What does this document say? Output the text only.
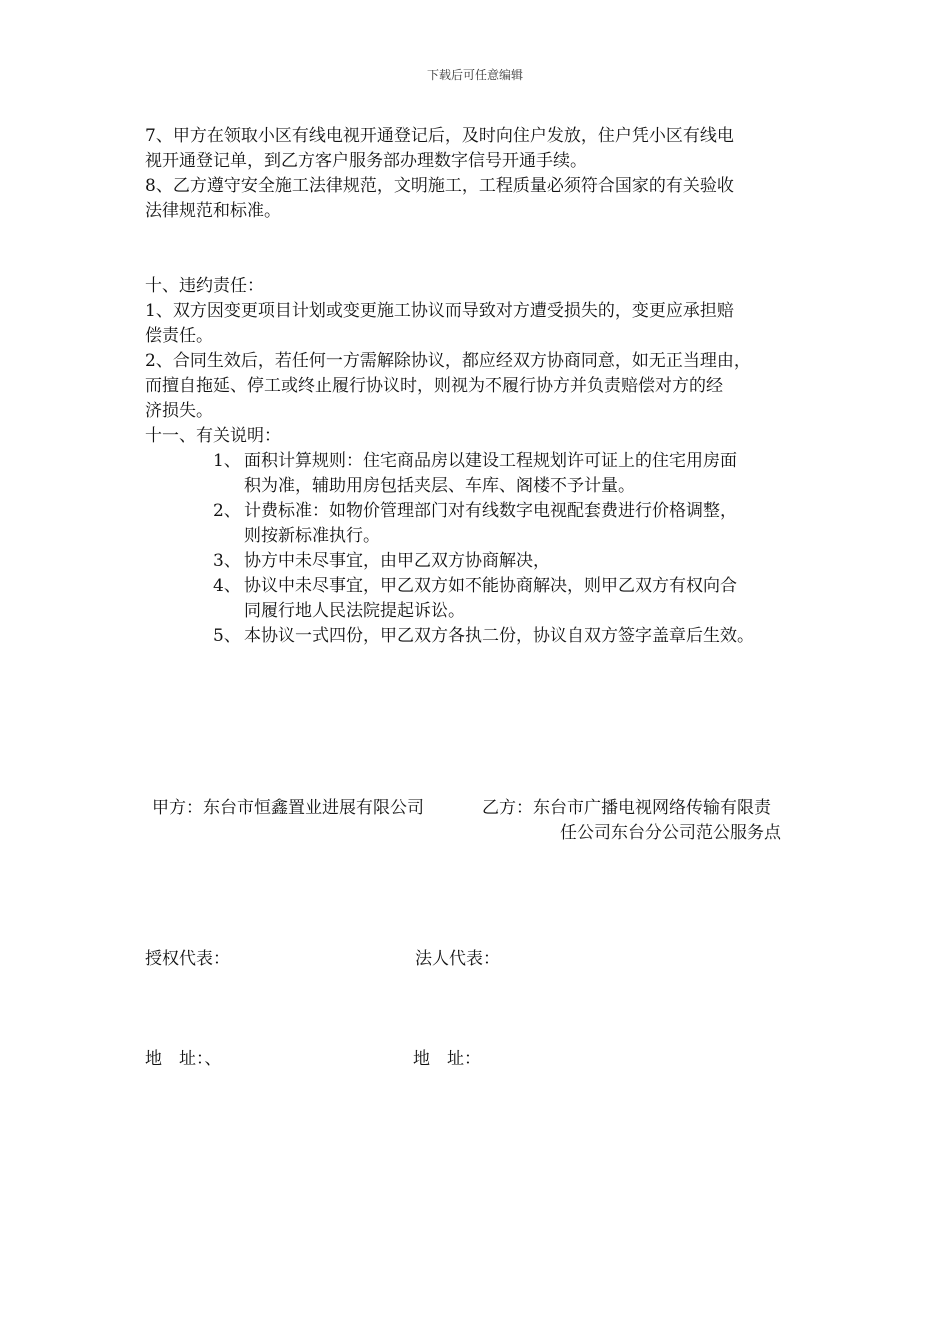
下载后可任意编辑
7、甲方在领取小区有线电视开通登记后，及时向住户发放，住户凭小区有线电
视开通登记单，到乙方客户服务部办理数字信号开通手续。
8、乙方遵守安全施工法律规范，文明施工，工程质量必须符合国家的有关验收
法律规范和标准。
十、违约责任：
1、双方因变更项目计划或变更施工协议而导致对方遭受损失的，变更应承担赔
偿责任。
2、合同生效后，若任何一方需解除协议，都应经双方协商同意，如无正当理由，
而擅自拖延、停工或终止履行协议时，则视为不履行协方并负责赔偿对方的经
济损失。
十一、有关说明：
1、 面积计算规则：住宅商品房以建设工程规划许可证上的住宅用房面
积为准，辅助用房包括夹层、车库、阁楼不予计量。
2、 计费标准：如物价管理部门对有线数字电视配套费进行价格调整，
则按新标准执行。
3、 协方中未尽事宜，由甲乙双方协商解决，
4、 协议中未尽事宜，甲乙双方如不能协商解决，则甲乙双方有权向合
同履行地人民法院提起诉讼。
5、 本协议一式四份，甲乙双方各执二份，协议自双方签字盖章后生效。
甲方：东台市恒鑫置业进展有限公司	乙方：东台市广播电视网络传输有限责
任公司东台分公司范公服务点
授权代表：	法人代表：
地　址：、	地　址：
